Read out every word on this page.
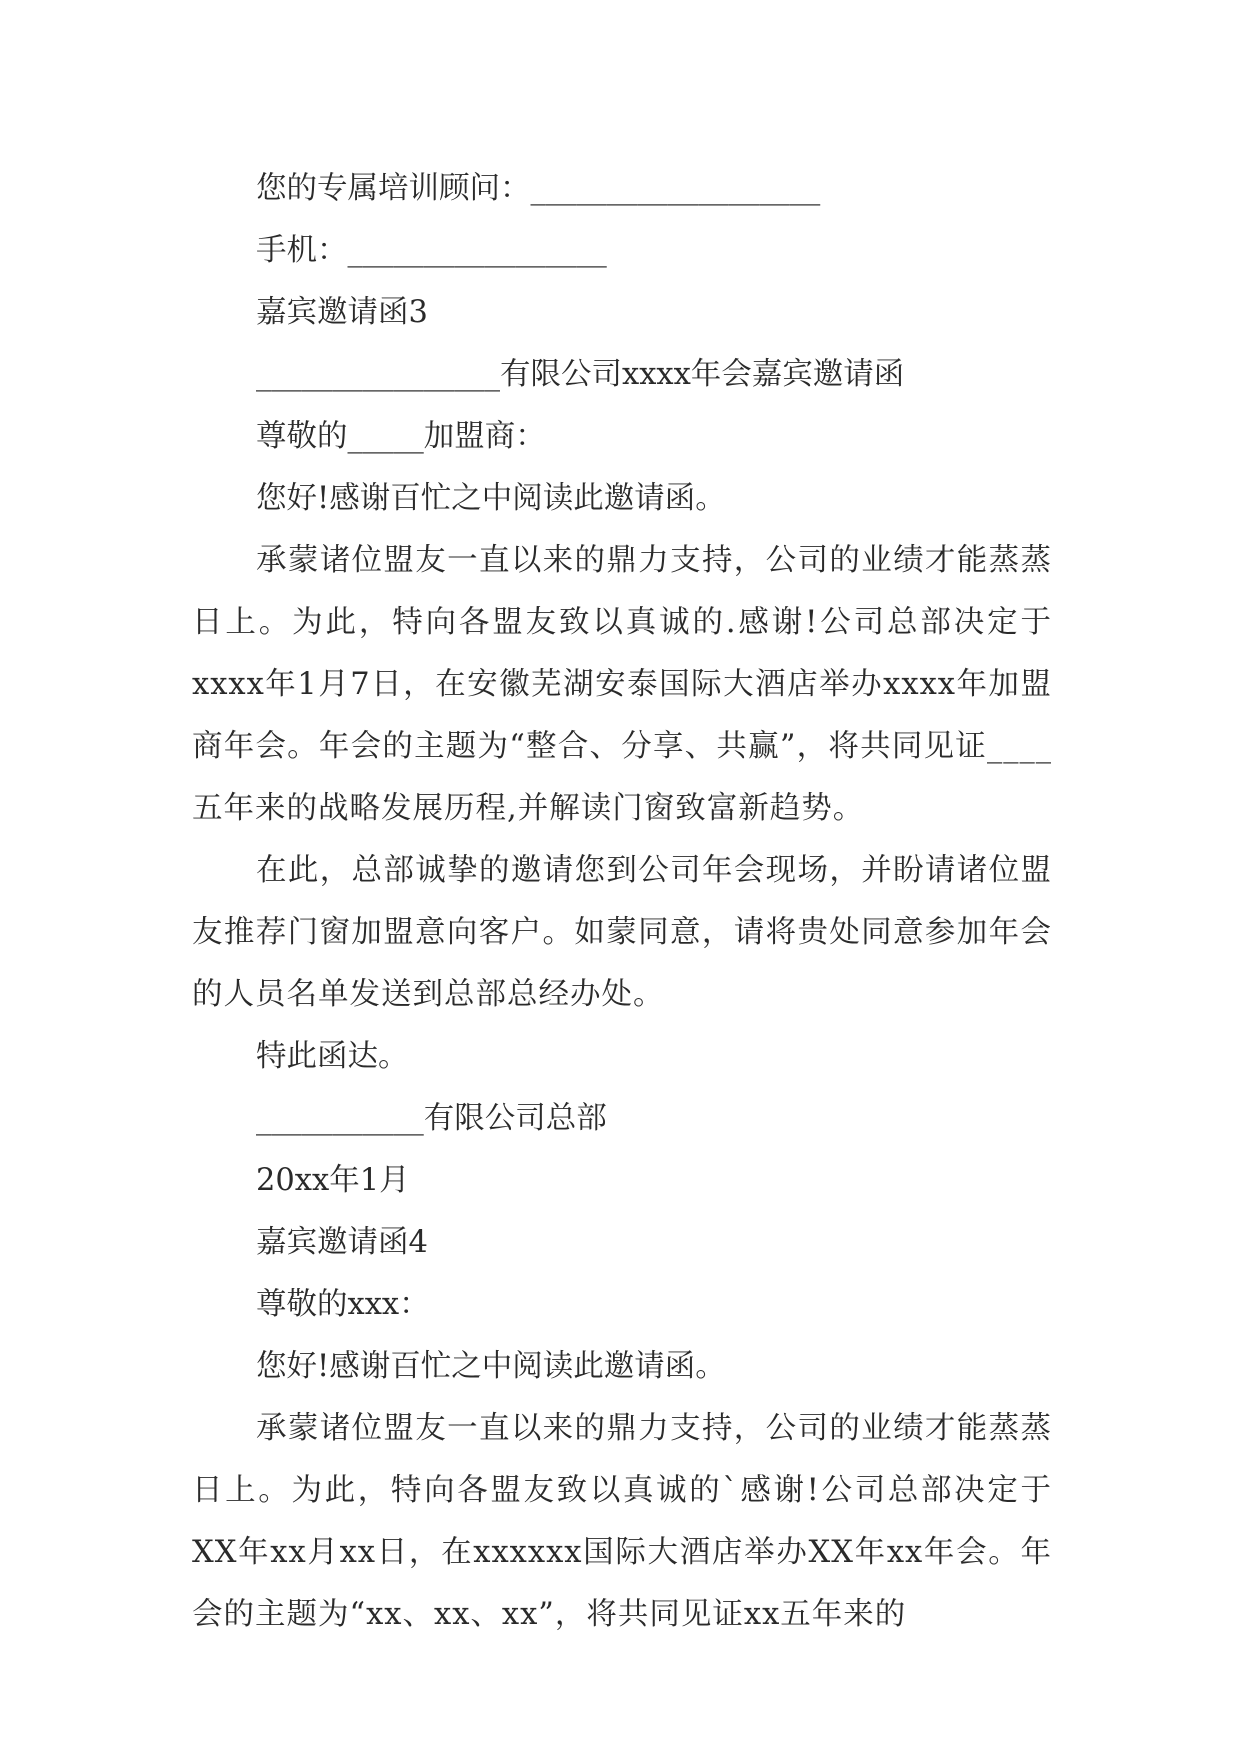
您的专属培训顾问：___________________
手机：_________________
嘉宾邀请函3
________________有限公司xxxx年会嘉宾邀请函
尊敬的_____加盟商：
您好!感谢百忙之中阅读此邀请函。

承蒙诸位盟友一直以来的鼎力支持，公司的业绩才能蒸蒸日上。为此，特向各盟友致以真诚的.感谢!公司总部决定于xxxx年1月7日，在安徽芜湖安泰国际大酒店举办xxxx年加盟商年会。年会的主题为“整合、分享、共赢”，将共同见证____五年来的战略发展历程,并解读门窗致富新趋势。

在此，总部诚挚的邀请您到公司年会现场，并盼请诸位盟友推荐门窗加盟意向客户。如蒙同意，请将贵处同意参加年会的人员名单发送到总部总经办处。

特此函达。
___________有限公司总部
20xx年1月
嘉宾邀请函4
尊敬的xxx：
您好!感谢百忙之中阅读此邀请函。

承蒙诸位盟友一直以来的鼎力支持，公司的业绩才能蒸蒸日上。为此，特向各盟友致以真诚的`感谢!公司总部决定于XX年xx月xx日，在xxxxxx国际大酒店举办XX年xx年会。年会的主题为“xx、xx、xx”，将共同见证xx五年来的
